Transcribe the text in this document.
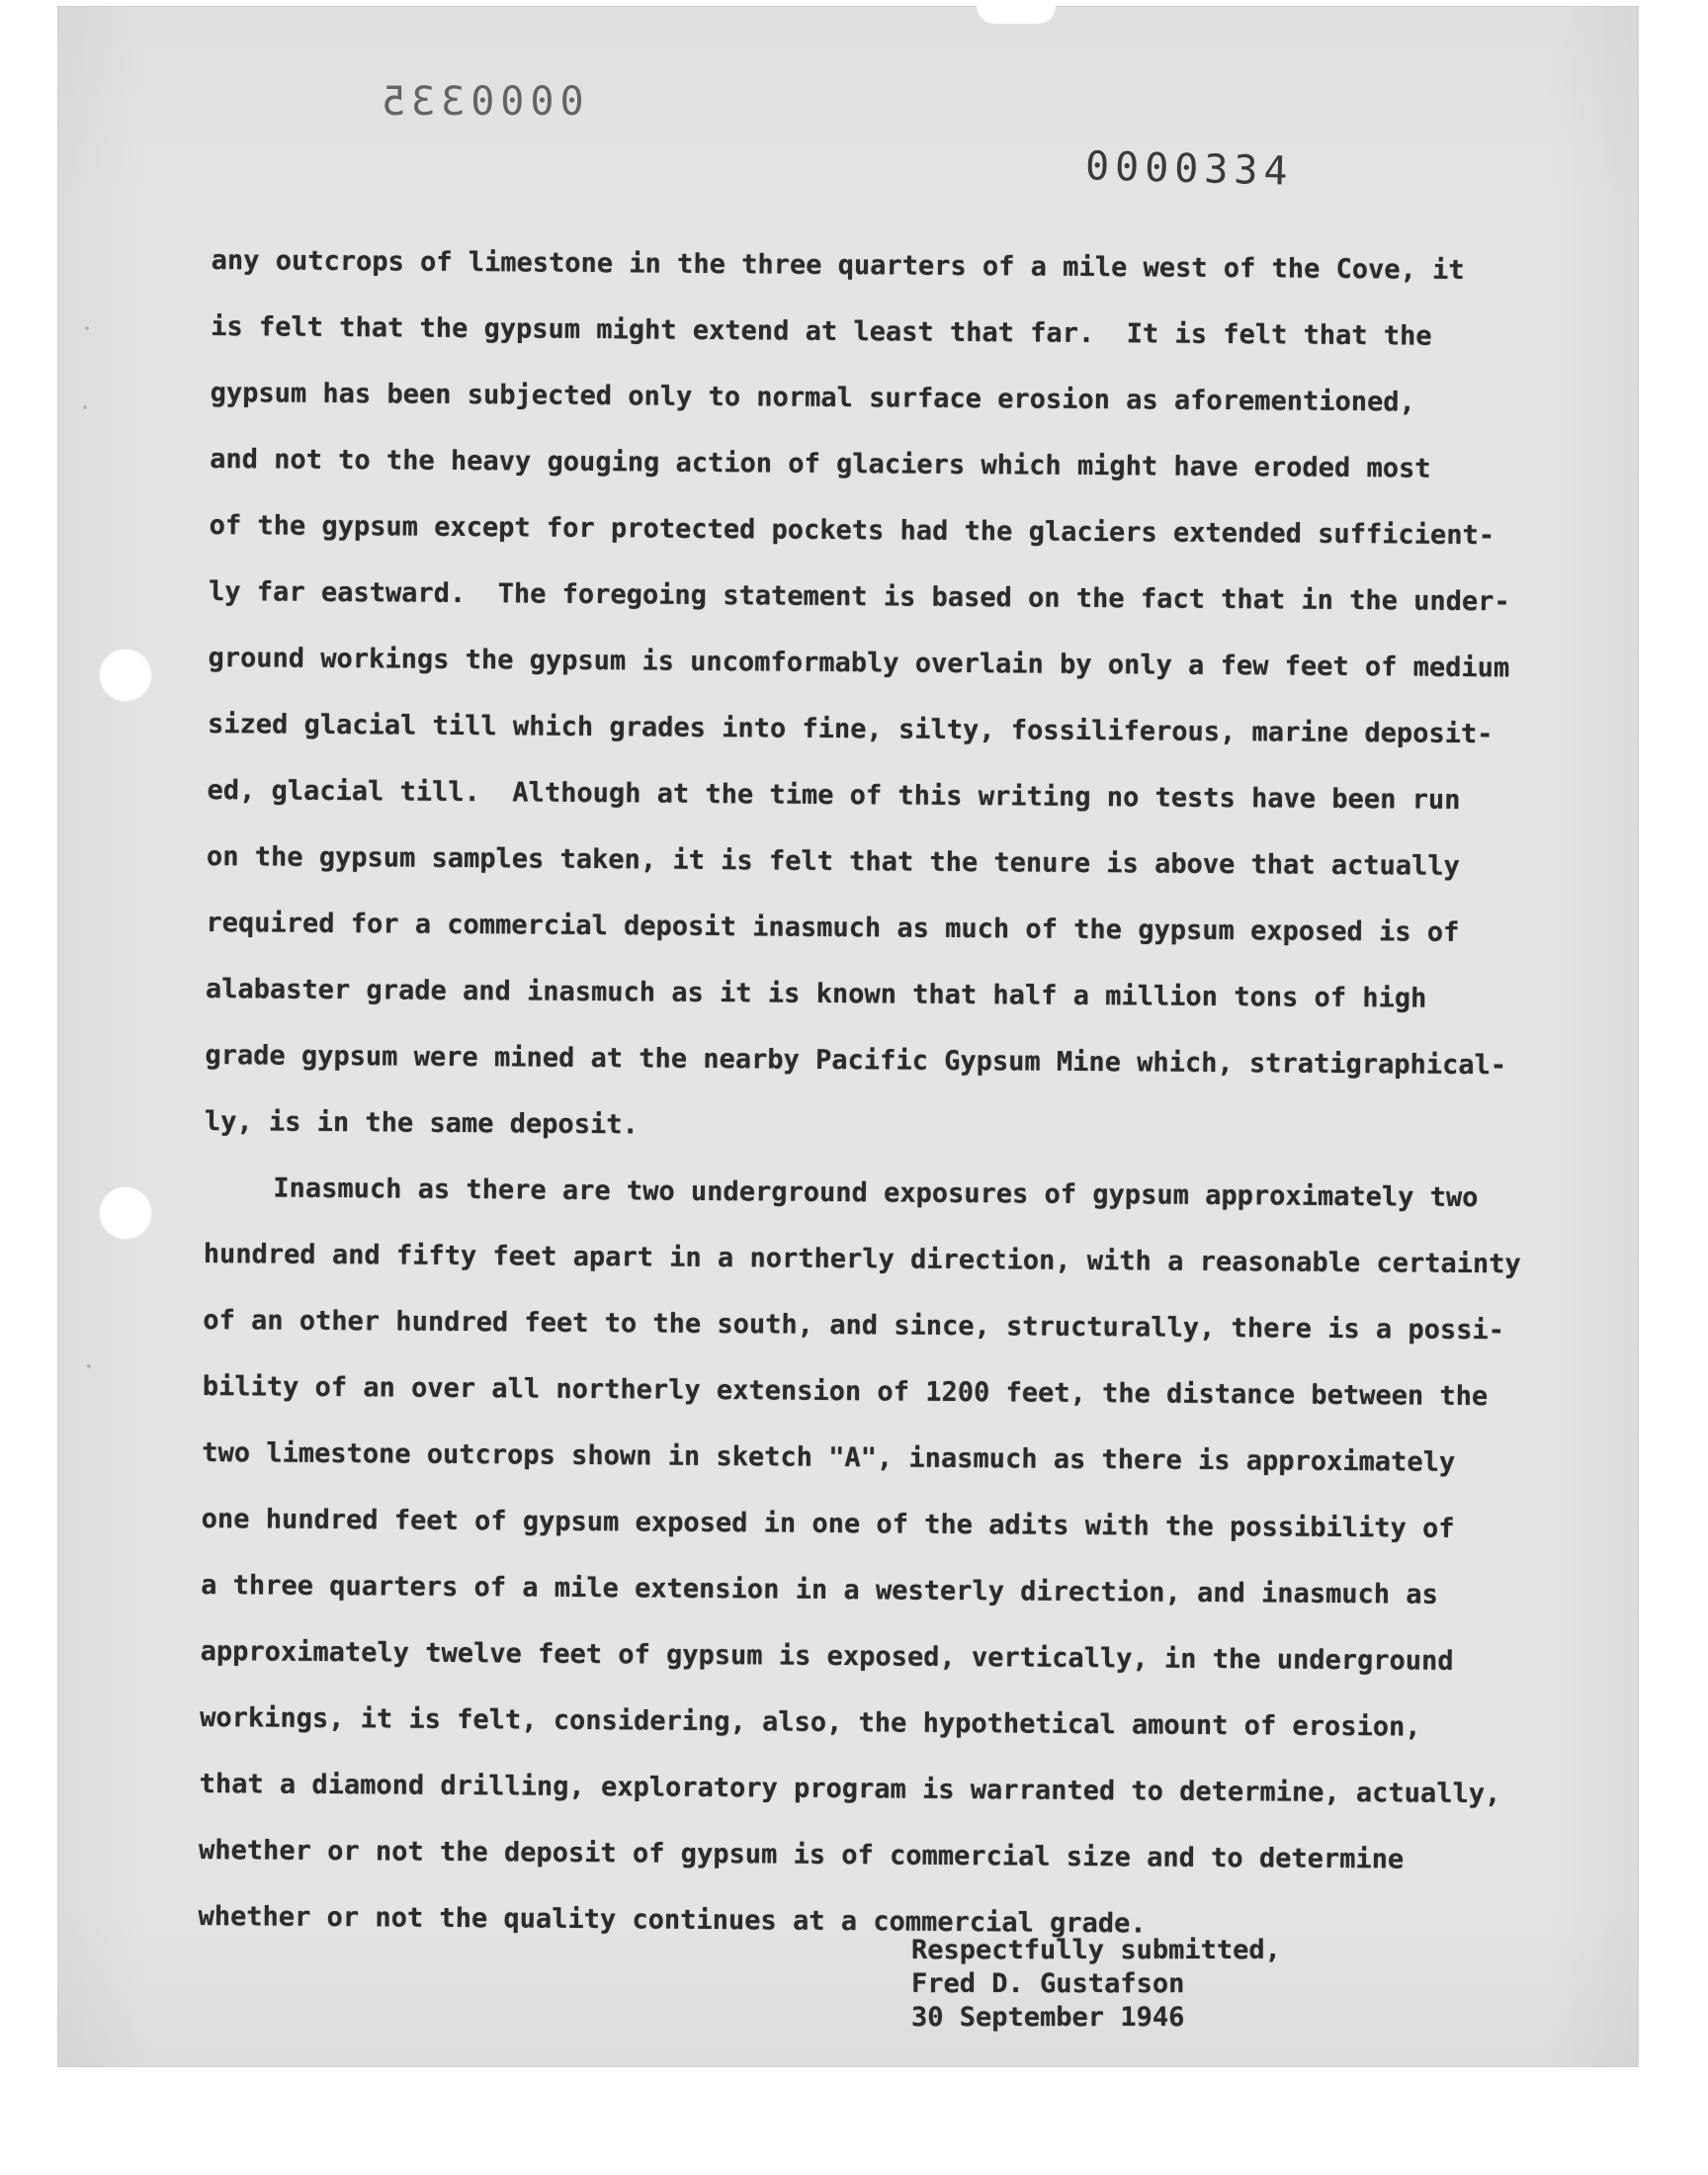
0000335
0000334
any outcrops of limestone in the three quarters of a mile west of the Cove, it
is felt that the gypsum might extend at least that far.  It is felt that the
gypsum has been subjected only to normal surface erosion as aforementioned,
and not to the heavy gouging action of glaciers which might have eroded most
of the gypsum except for protected pockets had the glaciers extended sufficient-
ly far eastward.  The foregoing statement is based on the fact that in the under-
ground workings the gypsum is uncomformably overlain by only a few feet of medium
sized glacial till which grades into fine, silty, fossiliferous, marine deposit-
ed, glacial till.  Although at the time of this writing no tests have been run
on the gypsum samples taken, it is felt that the tenure is above that actually
required for a commercial deposit inasmuch as much of the gypsum exposed is of
alabaster grade and inasmuch as it is known that half a million tons of high
grade gypsum were mined at the nearby Pacific Gypsum Mine which, stratigraphical-
ly, is in the same deposit.
Inasmuch as there are two underground exposures of gypsum approximately two
hundred and fifty feet apart in a northerly direction, with a reasonable certainty
of an other hundred feet to the south, and since, structurally, there is a possi-
bility of an over all northerly extension of 1200 feet, the distance between the
two limestone outcrops shown in sketch "A", inasmuch as there is approximately
one hundred feet of gypsum exposed in one of the adits with the possibility of
a three quarters of a mile extension in a westerly direction, and inasmuch as
approximately twelve feet of gypsum is exposed, vertically, in the underground
workings, it is felt, considering, also, the hypothetical amount of erosion,
that a diamond drilling, exploratory program is warranted to determine, actually,
whether or not the deposit of gypsum is of commercial size and to determine
whether or not the quality continues at a commercial grade.
Respectfully submitted,
Fred D. Gustafson
30 September 1946
